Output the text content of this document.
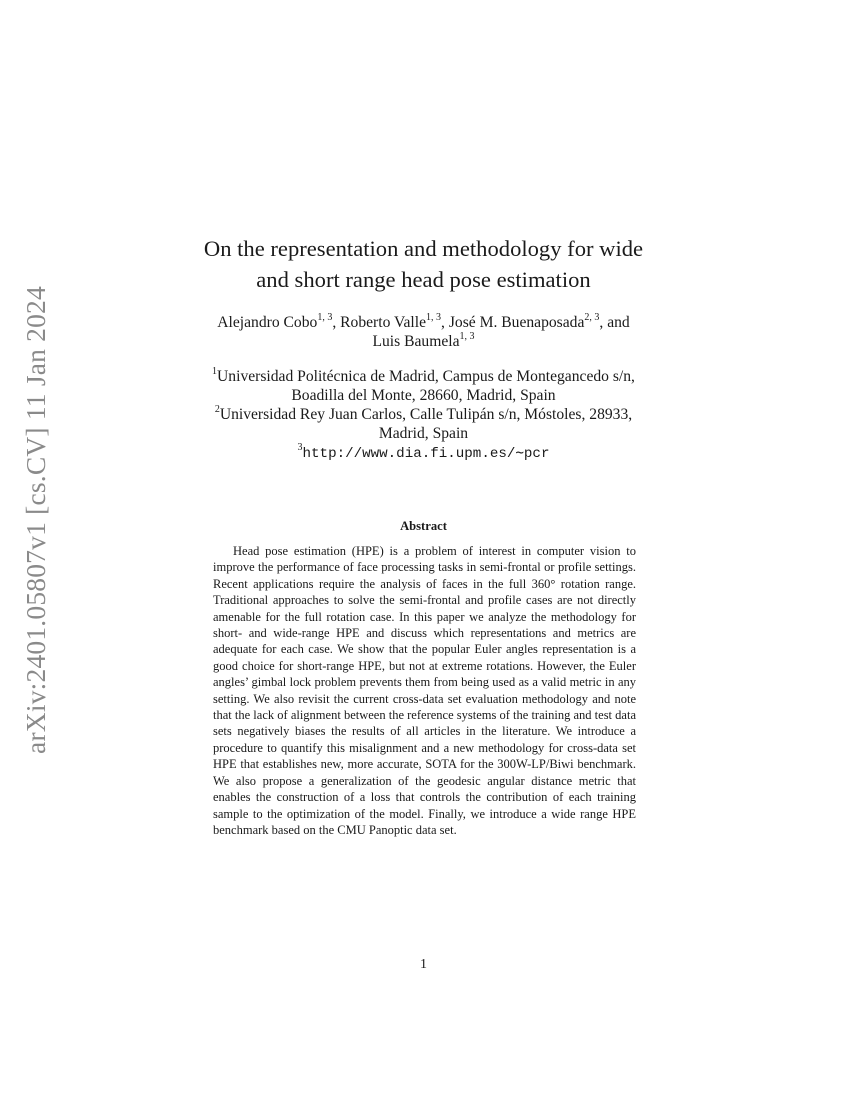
arXiv:2401.05807v1 [cs.CV] 11 Jan 2024
On the representation and methodology for wide
and short range head pose estimation
Alejandro Cobo$^{1, 3}$, Roberto Valle$^{1, 3}$, José M. Buenaposada$^{2, 3}$, and
Luis Baumela$^{1, 3}$
$^1$Universidad Politécnica de Madrid, Campus de Montegancedo s/n,
Boadilla del Monte, 28660, Madrid, Spain
$^2$Universidad Rey Juan Carlos, Calle Tulipán s/n, Móstoles, 28933,
Madrid, Spain
$^3$http://www.dia.fi.upm.es/∼pcr
Abstract

Head pose estimation (HPE) is a problem of interest in computer vision to improve the performance of face processing tasks in semi-frontal or profile settings. Recent applications require the analysis of faces in the full 360° rotation range. Traditional approaches to solve the semi-frontal and profile cases are not directly amenable for the full rotation case. In this paper we analyze the methodology for short- and wide-range HPE and discuss which representations and metrics are adequate for each case. We show that the popular Euler angles representation is a good choice for short-range HPE, but not at extreme rotations. However, the Euler angles’ gimbal lock problem prevents them from being used as a valid metric in any setting. We also revisit the current cross-data set evaluation methodology and note that the lack of alignment between the reference systems of the training and test data sets negatively biases the results of all articles in the literature. We introduce a procedure to quantify this misalignment and a new methodology for cross-data set HPE that establishes new, more accurate, SOTA for the 300W-LP/Biwi benchmark. We also propose a generalization of the geodesic angular distance metric that enables the construction of a loss that controls the contribution of each training sample to the optimization of the model. Finally, we introduce a wide range HPE benchmark based on the CMU Panoptic data set.

1
